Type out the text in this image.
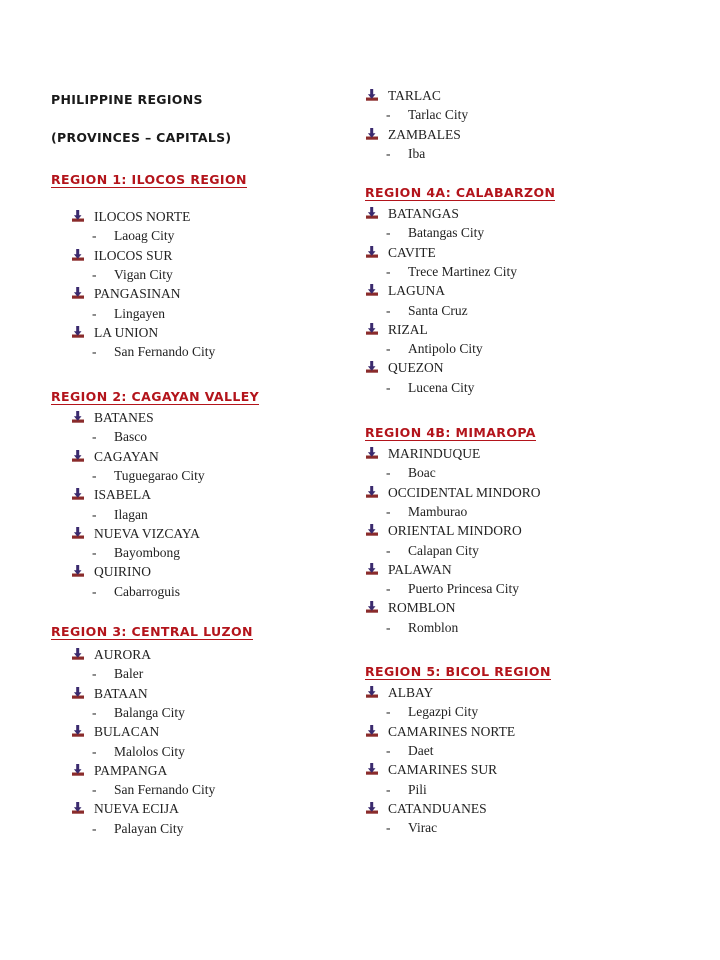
PHILIPPINE REGIONS
(PROVINCES – CAPITALS)
REGION 1: ILOCOS REGION
ILOCOS NORTE
- Laoag City
ILOCOS SUR
- Vigan City
PANGASINAN
- Lingayen
LA UNION
- San Fernando City
REGION 2: CAGAYAN VALLEY
BATANES
- Basco
CAGAYAN
- Tuguegarao City
ISABELA
- Ilagan
NUEVA VIZCAYA
- Bayombong
QUIRINO
- Cabarroguis
REGION 3: CENTRAL LUZON
AURORA
- Baler
BATAAN
- Balanga City
BULACAN
- Malolos City
PAMPANGA
- San Fernando City
NUEVA ECIJA
- Palayan City
TARLAC
- Tarlac City
ZAMBALES
- Iba
REGION 4A: CALABARZON
BATANGAS
- Batangas City
CAVITE
- Trece Martinez City
LAGUNA
- Santa Cruz
RIZAL
- Antipolo City
QUEZON
- Lucena City
REGION 4B: MIMAROPA
MARINDUQUE
- Boac
OCCIDENTAL MINDORO
- Mamburao
ORIENTAL MINDORO
- Calapan City
PALAWAN
- Puerto Princesa City
ROMBLON
- Romblon
REGION 5: BICOL REGION
ALBAY
- Legazpi City
CAMARINES NORTE
- Daet
CAMARINES SUR
- Pili
CATANDUANES
- Virac
